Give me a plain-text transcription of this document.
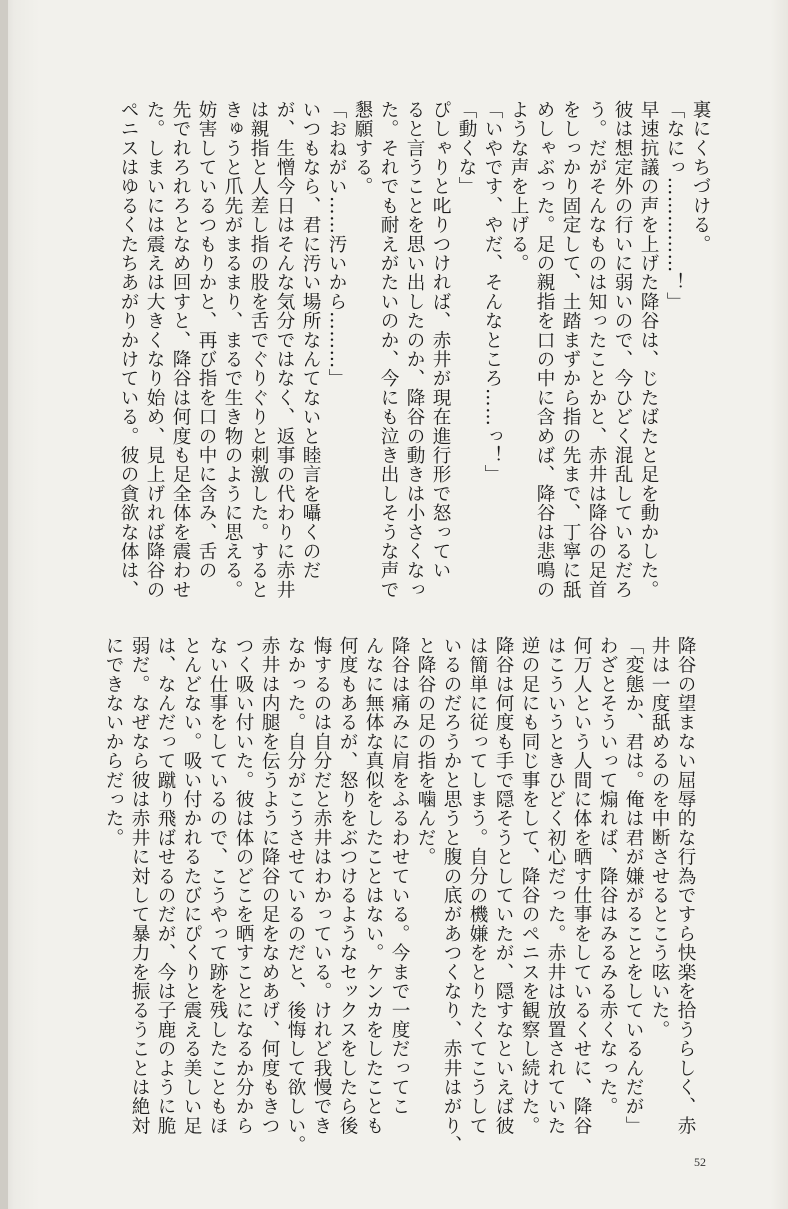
裏にくちづける。

「なにっ……………！」

早速抗議の声を上げた降谷は、じたばたと足を動かした。

彼は想定外の行いに弱いので、今ひどく混乱しているだろ

う。だがそんなものは知ったことかと、赤井は降谷の足首

をしっかり固定して、土踏まずから指の先まで、丁寧に舐

めしゃぶった。足の親指を口の中に含めば、降谷は悲鳴の

ような声を上げる。

「いやです、やだ、そんなところ……っ！」

「動くな」

ぴしゃりと叱りつければ、赤井が現在進行形で怒ってい

ると言うことを思い出したのか、降谷の動きは小さくなっ

た。それでも耐えがたいのか、今にも泣き出しそうな声で

懇願する。

「おねがい……汚いから………」

いつもなら、君に汚い場所なんてないと睦言を囁くのだ

が、生憎今日はそんな気分ではなく、返事の代わりに赤井

は親指と人差し指の股を舌でぐりぐりと刺激した。すると

きゅうと爪先がまるまり、まるで生き物のように思える。

妨害しているつもりかと、再び指を口の中に含み、舌の

先でれろれろとなめ回すと、降谷は何度も足全体を震わせ

た。しまいには震えは大きくなり始め、見上げれば降谷の

ペニスはゆるくたちあがりかけている。彼の貪欲な体は、

降谷の望まない屈辱的な行為ですら快楽を拾うらしく、赤

井は一度舐めるのを中断させるとこう呟いた。

「変態か、君は。俺は君が嫌がることをしているんだが」

わざとそういって煽れば、降谷はみるみる赤くなった。

何万人という人間に体を晒す仕事をしているくせに、降谷

はこういうときひどく初心だった。赤井は放置されていた

逆の足にも同じ事をして、降谷のペニスを観察し続けた。

降谷は何度も手で隠そうとしていたが、隠すなといえば彼

は簡単に従ってしまう。自分の機嫌をとりたくてこうして

いるのだろうかと思うと腹の底があつくなり、赤井はがり、

と降谷の足の指を噛んだ。

降谷は痛みに肩をふるわせている。今まで一度だってこ

んなに無体な真似をしたことはない。ケンカをしたことも

何度もあるが、怒りをぶつけるようなセックスをしたら後

悔するのは自分だと赤井はわかっている。けれど我慢でき

なかった。自分がこうさせているのだと、後悔して欲しい。

赤井は内腿を伝うように降谷の足をなめあげ、何度もきつ

つく吸い付いた。彼は体のどこを晒すことになるか分から

ない仕事をしているので、こうやって跡を残したこともほ

とんどない。吸い付かれるたびにぴくりと震える美しい足

は、なんだって蹴り飛ばせるのだが、今は子鹿のように脆

弱だ。なぜなら彼は赤井に対して暴力を振るうことは絶対

にできないからだった。

52
